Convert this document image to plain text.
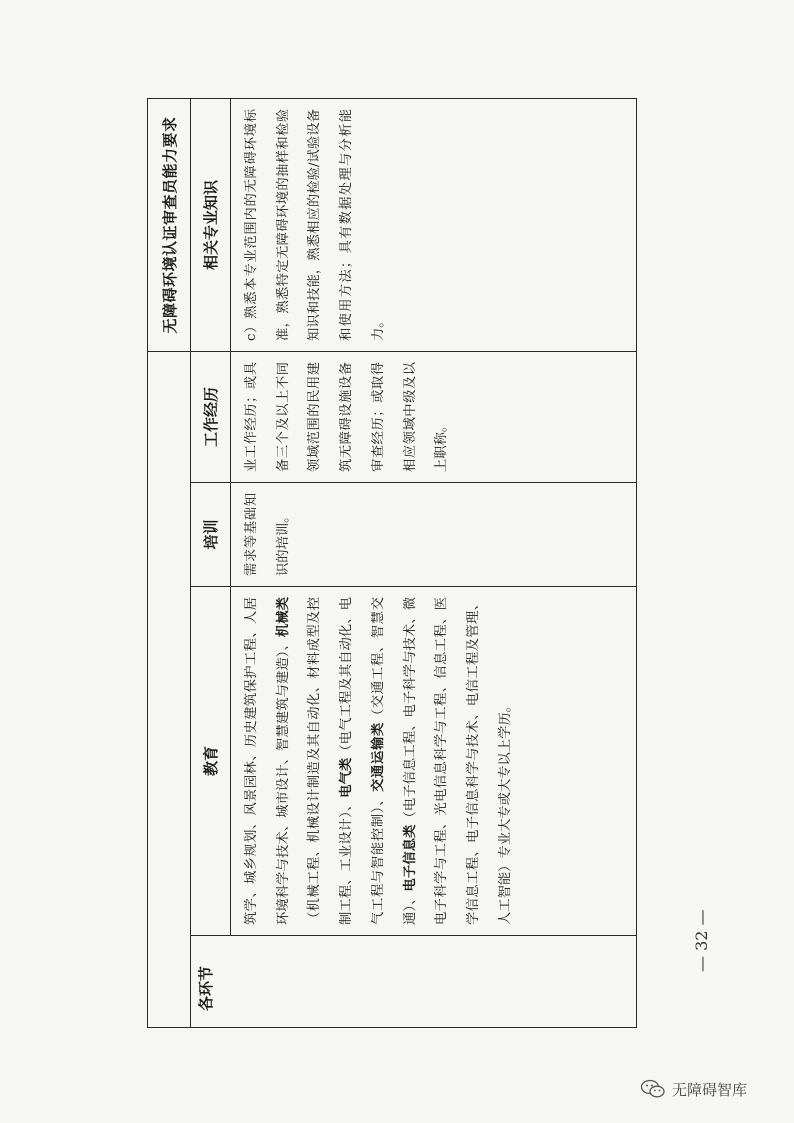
无障碍环境认证审查员能力要求
各环节
教育
培训
工作经历
相关专业知识
筑学、城乡规划、风景园林、历史建筑保护工程、人居环境科学与技术、城市设计、智慧建筑与建造）、机械类 （机械工程、机械设计制造及其自动化、材料成型及控制工程、工业设计）、电气类（电气工程及其自动化、电气工程与智能控制）、交通运输类（交通工程、智慧交通）、电子信息类（电子信息工程、电子科学与技术、微电子科学与工程、光电信息科学与工程、信息工程、医学信息工程、电子信息科学与技术、电信工程及管理、人工智能）专业大专或大专以上学历。
需求等基础知识的培训。
业工作经历；或具备三个及以上不同领域范围的民用建筑无障碍设施设备审查经历；或取得相应领域中级及以上职称。
c）熟悉本专业范围内的无障碍环境标准，熟悉特定无障碍环境的抽样和检验知识和技能，熟悉相应的检验/试验设备和使用方法；具有数据处理与分析能力。
— 32 —
无障碍智库
